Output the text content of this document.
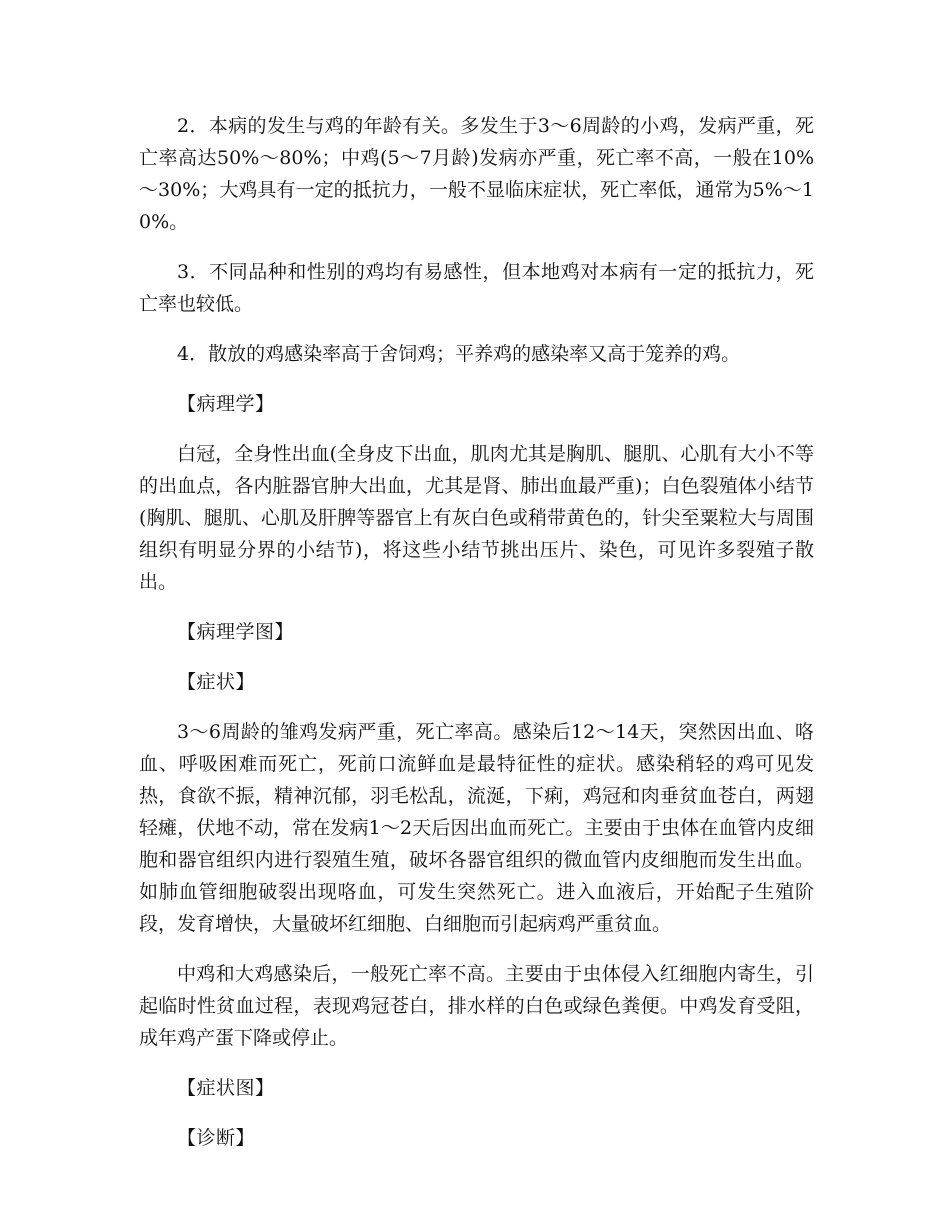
2．本病的发生与鸡的年龄有关。多发生于3～6周龄的小鸡，发病严重，死亡率高达50%～80%；中鸡(5～7月龄)发病亦严重，死亡率不高，一般在10%～30%；大鸡具有一定的抵抗力，一般不显临床症状，死亡率低，通常为5%～10%。

3．不同品种和性别的鸡均有易感性，但本地鸡对本病有一定的抵抗力，死亡率也较低。

4．散放的鸡感染率高于舍饲鸡；平养鸡的感染率又高于笼养的鸡。

【病理学】

白冠，全身性出血(全身皮下出血，肌肉尤其是胸肌、腿肌、心肌有大小不等的出血点，各内脏器官肿大出血，尤其是肾、肺出血最严重)；白色裂殖体小结节(胸肌、腿肌、心肌及肝脾等器官上有灰白色或稍带黄色的，针尖至粟粒大与周围组织有明显分界的小结节)，将这些小结节挑出压片、染色，可见许多裂殖子散出。

【病理学图】

【症状】

3～6周龄的雏鸡发病严重，死亡率高。感染后12～14天，突然因出血、咯血、呼吸困难而死亡，死前口流鲜血是最特征性的症状。感染稍轻的鸡可见发热，食欲不振，精神沉郁，羽毛松乱，流涎，下痢，鸡冠和肉垂贫血苍白，两翅轻瘫，伏地不动，常在发病1～2天后因出血而死亡。主要由于虫体在血管内皮细胞和器官组织内进行裂殖生殖，破坏各器官组织的微血管内皮细胞而发生出血。如肺血管细胞破裂出现咯血，可发生突然死亡。进入血液后，开始配子生殖阶段，发育增快，大量破坏红细胞、白细胞而引起病鸡严重贫血。

中鸡和大鸡感染后，一般死亡率不高。主要由于虫体侵入红细胞内寄生，引起临时性贫血过程，表现鸡冠苍白，排水样的白色或绿色粪便。中鸡发育受阻，成年鸡产蛋下降或停止。

【症状图】

【诊断】
